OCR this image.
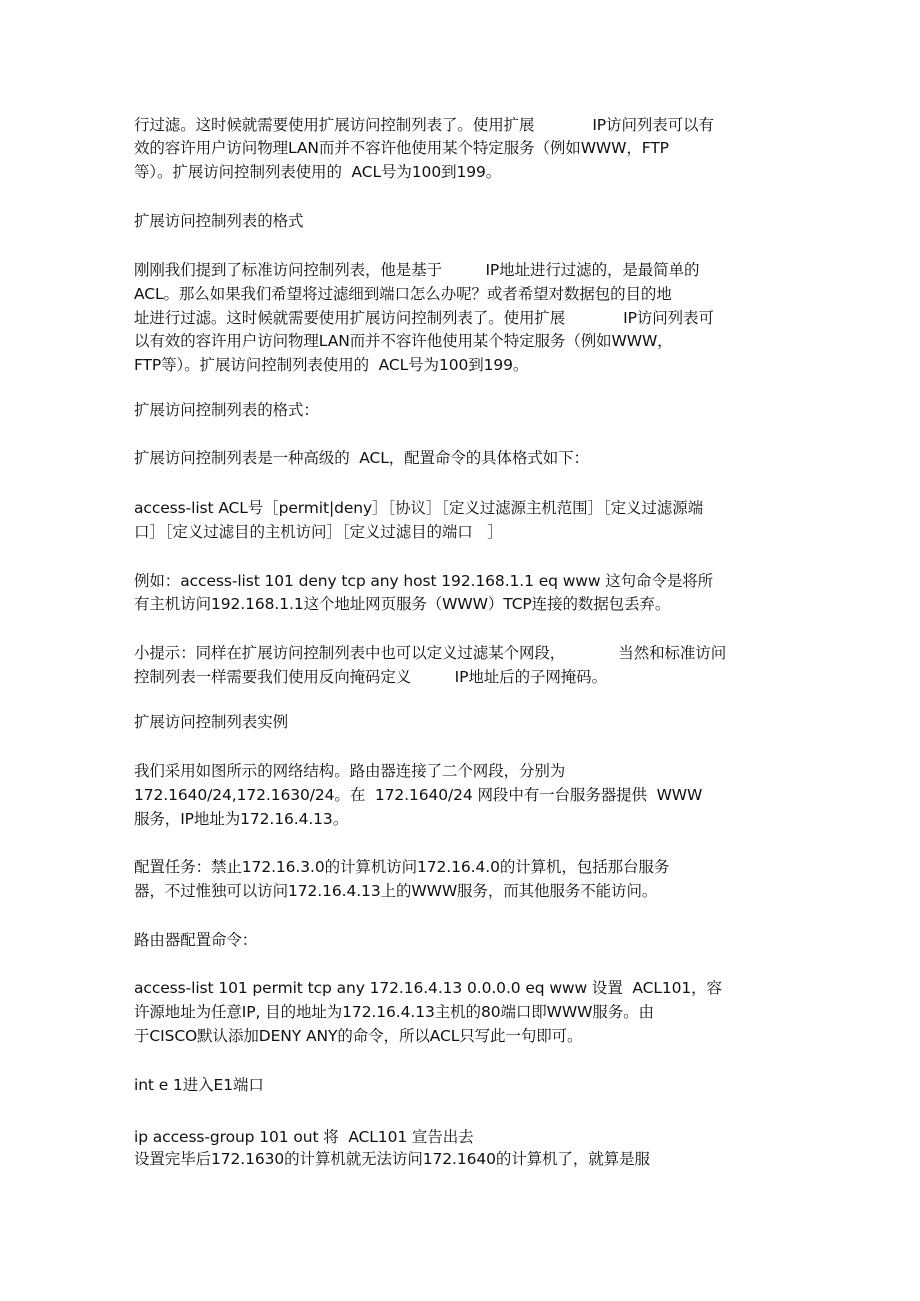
行过滤。这时候就需要使用扩展访问控制列表了。使用扩展            IP访问列表可以有
效的容许用户访问物理LAN而并不容许他使用某个特定服务（例如WWW，FTP
等）。扩展访问控制列表使用的  ACL号为100到199。
扩展访问控制列表的格式
刚刚我们提到了标准访问控制列表，他是基于         IP地址进行过滤的，是最简单的
ACL。那么如果我们希望将过滤细到端口怎么办呢？或者希望对数据包的目的地
址进行过滤。这时候就需要使用扩展访问控制列表了。使用扩展            IP访问列表可
以有效的容许用户访问物理LAN而并不容许他使用某个特定服务（例如WWW，
FTP等）。扩展访问控制列表使用的  ACL号为100到199。
扩展访问控制列表的格式：
扩展访问控制列表是一种高级的  ACL，配置命令的具体格式如下：
access-list ACL号［permit|deny］［协议］［定义过滤源主机范围］［定义过滤源端
口］［定义过滤目的主机访问］［定义过滤目的端口   ］
例如：access-list 101 deny tcp any host 192.168.1.1 eq www 这句命令是将所
有主机访问192.168.1.1这个地址网页服务（WWW）TCP连接的数据包丢弃。
小提示：同样在扩展访问控制列表中也可以定义过滤某个网段，           当然和标准访问
控制列表一样需要我们使用反向掩码定义         IP地址后的子网掩码。
扩展访问控制列表实例
我们采用如图所示的网络结构。路由器连接了二个网段，分别为
172.1640/24,172.1630/24。在  172.1640/24 网段中有一台服务器提供  WWW
服务，IP地址为172.16.4.13。
配置任务：禁止172.16.3.0的计算机访问172.16.4.0的计算机，包括那台服务
器，不过惟独可以访问172.16.4.13上的WWW服务，而其他服务不能访问。
路由器配置命令：
access-list 101 permit tcp any 172.16.4.13 0.0.0.0 eq www 设置  ACL101，容
许源地址为任意IP, 目的地址为172.16.4.13主机的80端口即WWW服务。由
于CISCO默认添加DENY ANY的命令，所以ACL只写此一句即可。
int e 1进入E1端口
ip access-group 101 out 将  ACL101 宣告出去
设置完毕后172.1630的计算机就无法访问172.1640的计算机了，就算是服
